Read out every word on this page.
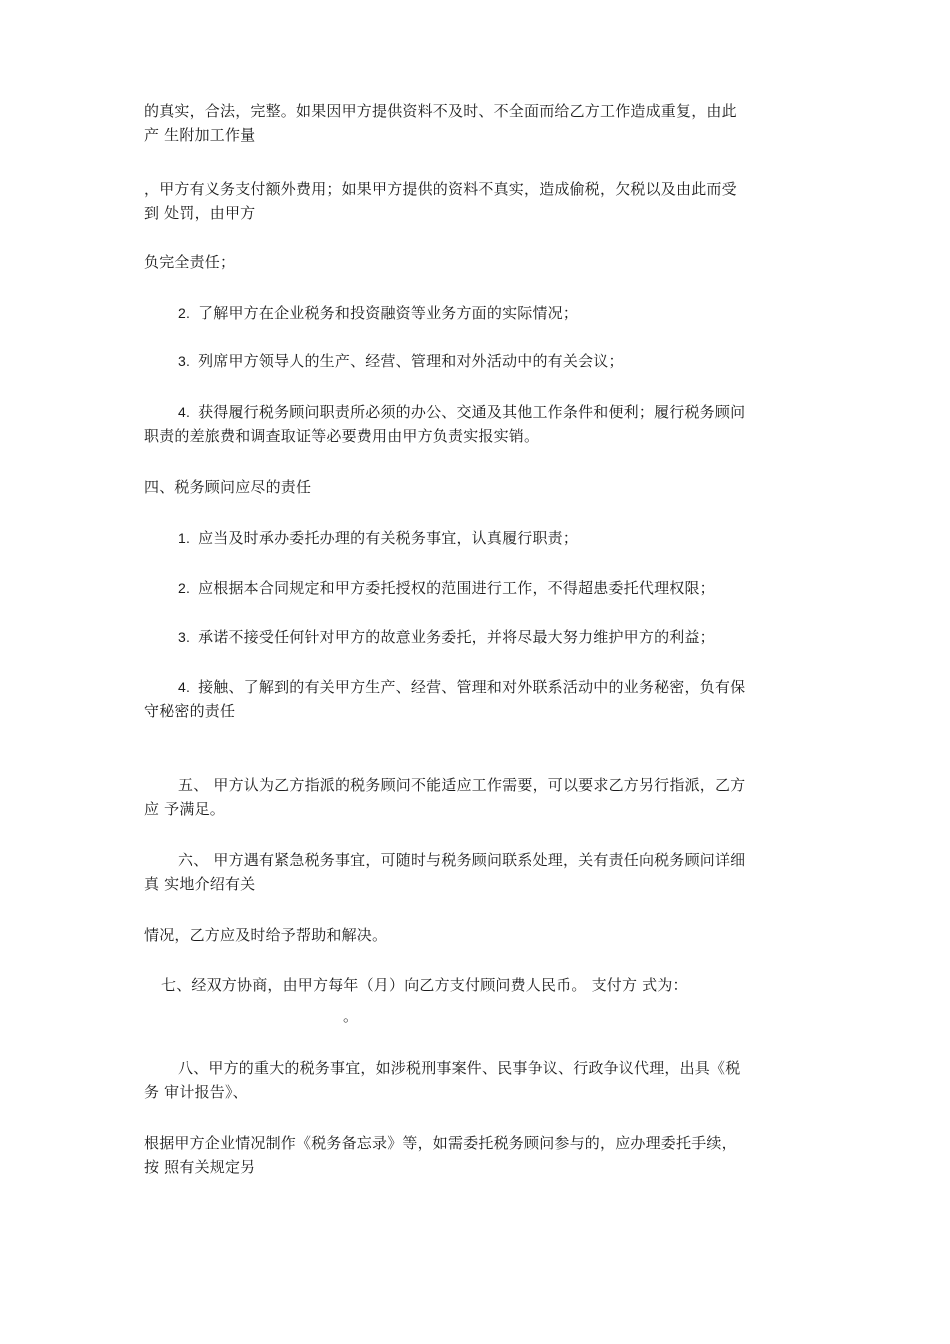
的真实，合法，完整。如果因甲方提供资料不及时、不全面而给乙方工作造成重复，由此
产 生附加工作量
，甲方有义务支付额外费用；如果甲方提供的资料不真实，造成偷税，欠税以及由此而受
到 处罚，由甲方
负完全责任；
2. 了解甲方在企业税务和投资融资等业务方面的实际情况；
3. 列席甲方领导人的生产、经营、管理和对外活动中的有关会议；
4. 获得履行税务顾问职责所必须的办公、交通及其他工作条件和便利；履行税务顾问
职责的差旅费和调查取证等必要费用由甲方负责实报实销。
四、税务顾问应尽的责任
1. 应当及时承办委托办理的有关税务事宜，认真履行职责；
2. 应根据本合同规定和甲方委托授权的范围进行工作，不得超患委托代理权限；
3. 承诺不接受任何针对甲方的故意业务委托，并将尽最大努力维护甲方的利益；
4. 接触、了解到的有关甲方生产、经营、管理和对外联系活动中的业务秘密，负有保
守秘密的责任
五、 甲方认为乙方指派的税务顾问不能适应工作需要，可以要求乙方另行指派，乙方
应 予满足。
六、 甲方遇有紧急税务事宜，可随时与税务顾问联系处理，关有责任向税务顾问详细
真 实地介绍有关
情况，乙方应及时给予帮助和解决。
七、经双方协商，由甲方每年（月）向乙方支付顾问费人民币。 支付方 式为：
。
八、甲方的重大的税务事宜，如涉税刑事案件、民事争议、行政争议代理，出具《税
务 审计报告》、
根据甲方企业情况制作《税务备忘录》等，如需委托税务顾问参与的，应办理委托手续，
按 照有关规定另
